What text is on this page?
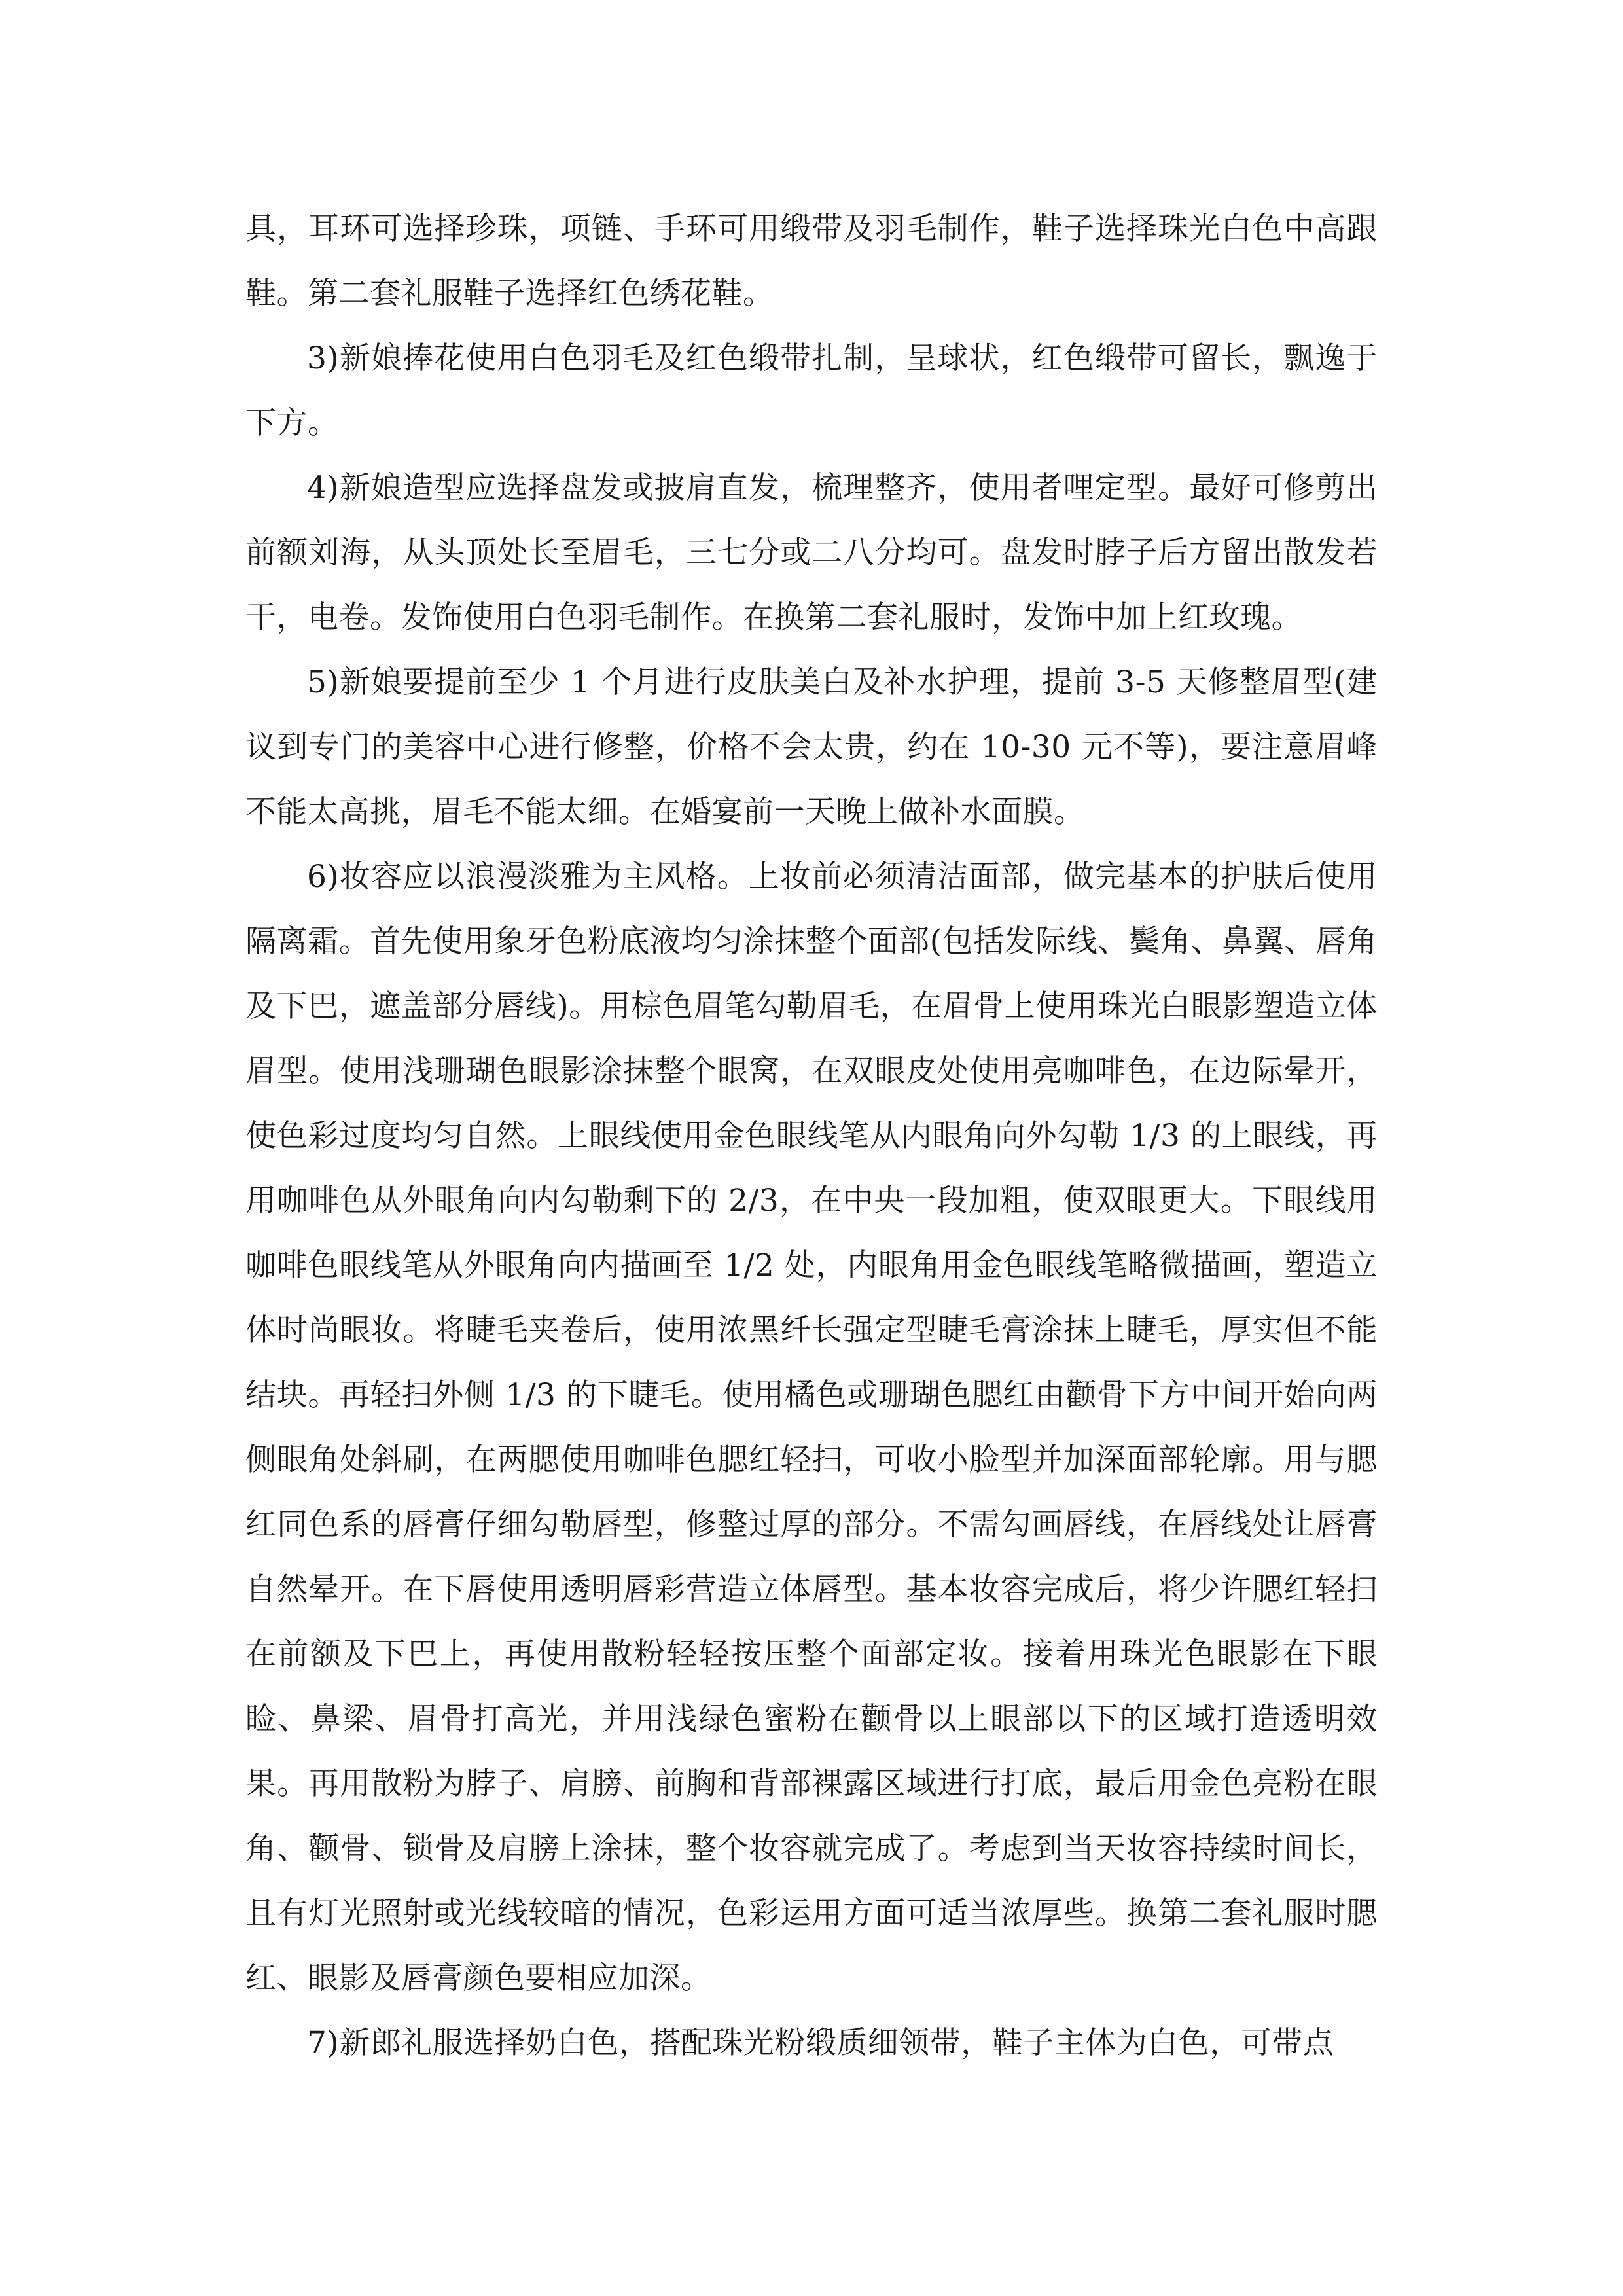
具，耳环可选择珍珠，项链、手环可用缎带及羽毛制作，鞋子选择珠光白色中高跟鞋。第二套礼服鞋子选择红色绣花鞋。

3)新娘捧花使用白色羽毛及红色缎带扎制，呈球状，红色缎带可留长，飘逸于下方。

4)新娘造型应选择盘发或披肩直发，梳理整齐，使用者哩定型。最好可修剪出前额刘海，从头顶处长至眉毛，三七分或二八分均可。盘发时脖子后方留出散发若干，电卷。发饰使用白色羽毛制作。在换第二套礼服时，发饰中加上红玫瑰。

5)新娘要提前至少 1 个月进行皮肤美白及补水护理，提前 3-5 天修整眉型(建议到专门的美容中心进行修整，价格不会太贵，约在 10-30 元不等)，要注意眉峰不能太高挑，眉毛不能太细。在婚宴前一天晚上做补水面膜。

6)妆容应以浪漫淡雅为主风格。上妆前必须清洁面部，做完基本的护肤后使用隔离霜。首先使用象牙色粉底液均匀涂抹整个面部(包括发际线、鬓角、鼻翼、唇角及下巴，遮盖部分唇线)。用棕色眉笔勾勒眉毛，在眉骨上使用珠光白眼影塑造立体眉型。使用浅珊瑚色眼影涂抹整个眼窝，在双眼皮处使用亮咖啡色，在边际晕开，使色彩过度均匀自然。上眼线使用金色眼线笔从内眼角向外勾勒 1/3 的上眼线，再用咖啡色从外眼角向内勾勒剩下的 2/3，在中央一段加粗，使双眼更大。下眼线用咖啡色眼线笔从外眼角向内描画至 1/2 处，内眼角用金色眼线笔略微描画，塑造立体时尚眼妆。将睫毛夹卷后，使用浓黑纤长强定型睫毛膏涂抹上睫毛，厚实但不能结块。再轻扫外侧 1/3 的下睫毛。使用橘色或珊瑚色腮红由颧骨下方中间开始向两侧眼角处斜刷，在两腮使用咖啡色腮红轻扫，可收小脸型并加深面部轮廓。用与腮红同色系的唇膏仔细勾勒唇型，修整过厚的部分。不需勾画唇线，在唇线处让唇膏自然晕开。在下唇使用透明唇彩营造立体唇型。基本妆容完成后，将少许腮红轻扫在前额及下巴上，再使用散粉轻轻按压整个面部定妆。接着用珠光色眼影在下眼睑、鼻梁、眉骨打高光，并用浅绿色蜜粉在颧骨以上眼部以下的区域打造透明效果。再用散粉为脖子、肩膀、前胸和背部裸露区域进行打底，最后用金色亮粉在眼角、颧骨、锁骨及肩膀上涂抹，整个妆容就完成了。考虑到当天妆容持续时间长，且有灯光照射或光线较暗的情况，色彩运用方面可适当浓厚些。换第二套礼服时腮红、眼影及唇膏颜色要相应加深。

7)新郎礼服选择奶白色，搭配珠光粉缎质细领带，鞋子主体为白色，可带点
